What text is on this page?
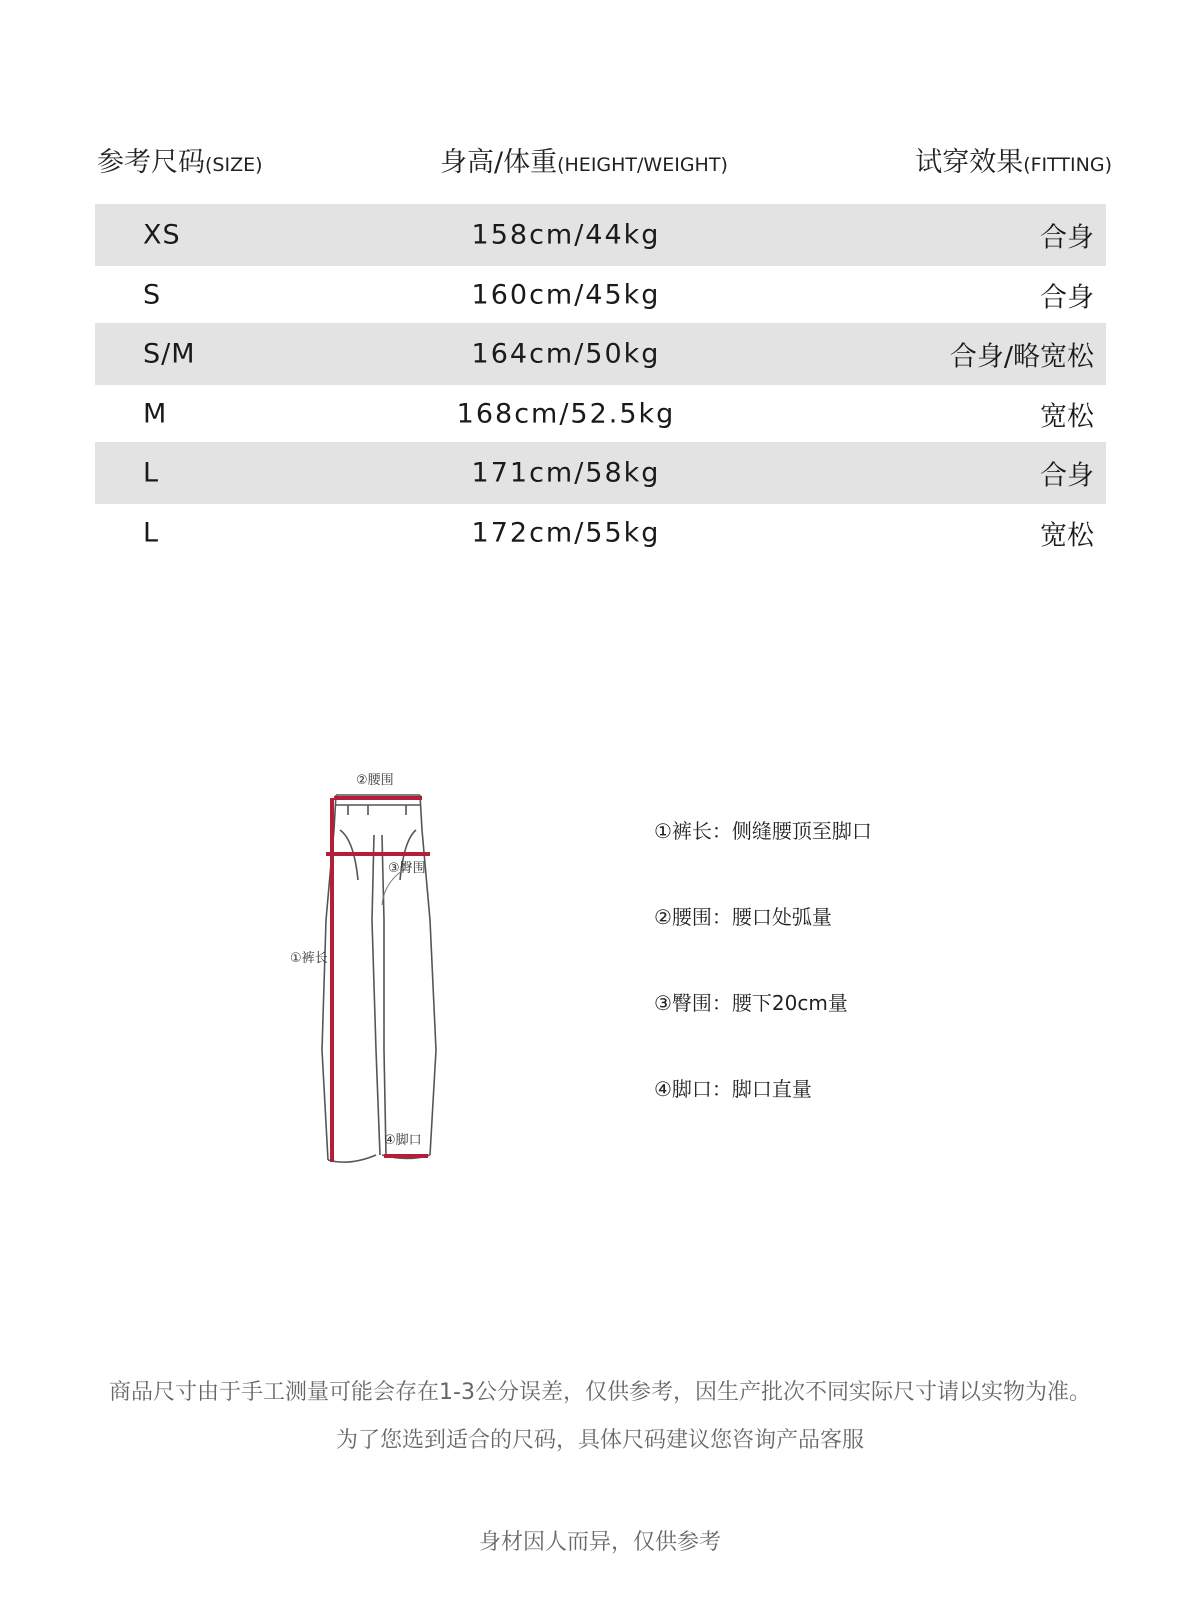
参考尺码(SIZE)	身高/体重(HEIGHT/WEIGHT)	试穿效果(FITTING)
XS	158cm/44kg	合身
S	160cm/45kg	合身
S/M	164cm/50kg	合身/略宽松
M	168cm/52.5kg	宽松
L	171cm/58kg	合身
L	172cm/55kg	宽松
②腰围
③臀围
①裤长
④脚口
①裤长：侧缝腰顶至脚口
②腰围：腰口处弧量
③臀围：腰下20cm量
④脚口：脚口直量
商品尺寸由于手工测量可能会存在1-3公分误差，仅供参考，因生产批次不同实际尺寸请以实物为准。
为了您选到适合的尺码，具体尺码建议您咨询产品客服
身材因人而异，仅供参考
